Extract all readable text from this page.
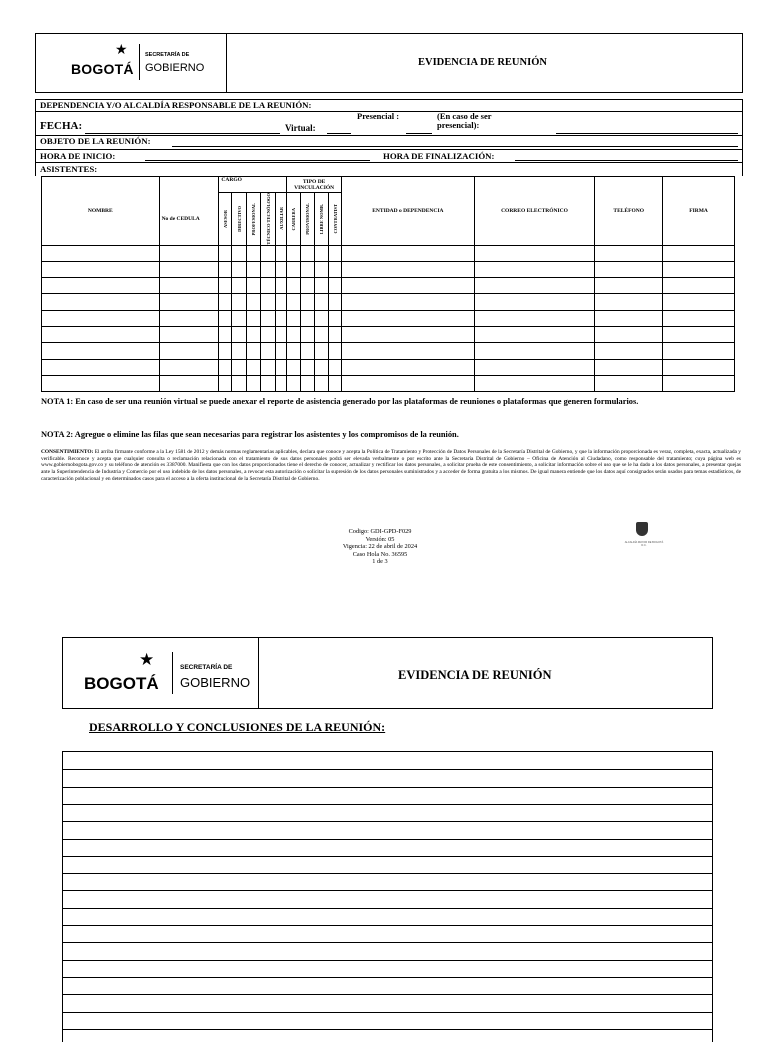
BOGOTÁ
★	SECRETARÍA DE
GOBIERNO	EVIDENCIA DE REUNIÓN
DEPENDENCIA Y/O ALCALDÍA RESPONSABLE DE LA REUNIÓN:
FECHA:	Virtual:
Presencial :	(En caso de ser presencial):
OBJETO DE LA REUNIÓN:
HORA DE INICIO:	HORA DE FINALIZACIÓN:
ASISTENTES:
NOMBRE		CARGO					TIPO DE VINCULACIÓN				ENTIDAD o DEPENDENCIA	CORREO ELECTRÓNICO	TELÉFONO	FIRMA
	No de CEDULA	ASESOR	DIRECTIVO	PROFESIONAL	TÉCNICO TECNÓLOGO	AUXILIAR	CARRERA	PROVISIONAL	LIBRE NOMB.	CONTRATIST				

NOTA 1: En caso de ser una reunión virtual se puede anexar el reporte de asistencia generado por las plataformas de reuniones o plataformas que generen formularios.
NOTA 2: Agregue o elimine las filas que sean necesarias para registrar los asistentes y los compromisos de la reunión.
CONSENTIMIENTO: El arriba firmante conforme a la Ley 1581 de 2012 y demás normas reglamentarias aplicables, declara que conoce y acepta la Política de Tratamiento y Protección de Datos Personales de la Secretaría Distrital de Gobierno, y que la información proporcionada es veraz, completa, exacta, actualizada y verificable. Reconoce y acepta que cualquier consulta o reclamación relacionada con el tratamiento de sus datos personales podrá ser elevada verbalmente o por escrito ante la Secretaría Distrital de Gobierno – Oficina de Atención al Ciudadano, como responsable del tratamiento; cuya página web es www.gobiernobogota.gov.co y su teléfono de atención es 3387000. Manifiesta que con los datos proporcionados tiene el derecho de conocer, actualizar y rectificar los datos personales, a solicitar prueba de este consentimiento, a solicitar información sobre el uso que se le ha dado a los datos personales, a presentar quejas ante la Superintendencia de Industria y Comercio por el uso indebido de los datos personales, a revocar esta autorización o solicitar la supresión de los datos personales suministrados y a acceder de forma gratuita a los mismos. De igual manera entiende que los datos aquí consignados serán usados para temas estadísticos, de caracterización poblacional y en determinados casos para el acceso a la oferta institucional de la Secretaría Distrital de Gobierno.
Codigo: GDI-GPD-F029
Versión: 05
Vigencia: 22 de abril de 2024
Caso Hola No. 36595
1 de 3
ALCALDÍA MAYOR DE BOGOTÁ D.C.
BOGOTÁ
★	SECRETARÍA DE
GOBIERNO	EVIDENCIA DE REUNIÓN
DESARROLLO Y CONCLUSIONES DE LA REUNIÓN:
